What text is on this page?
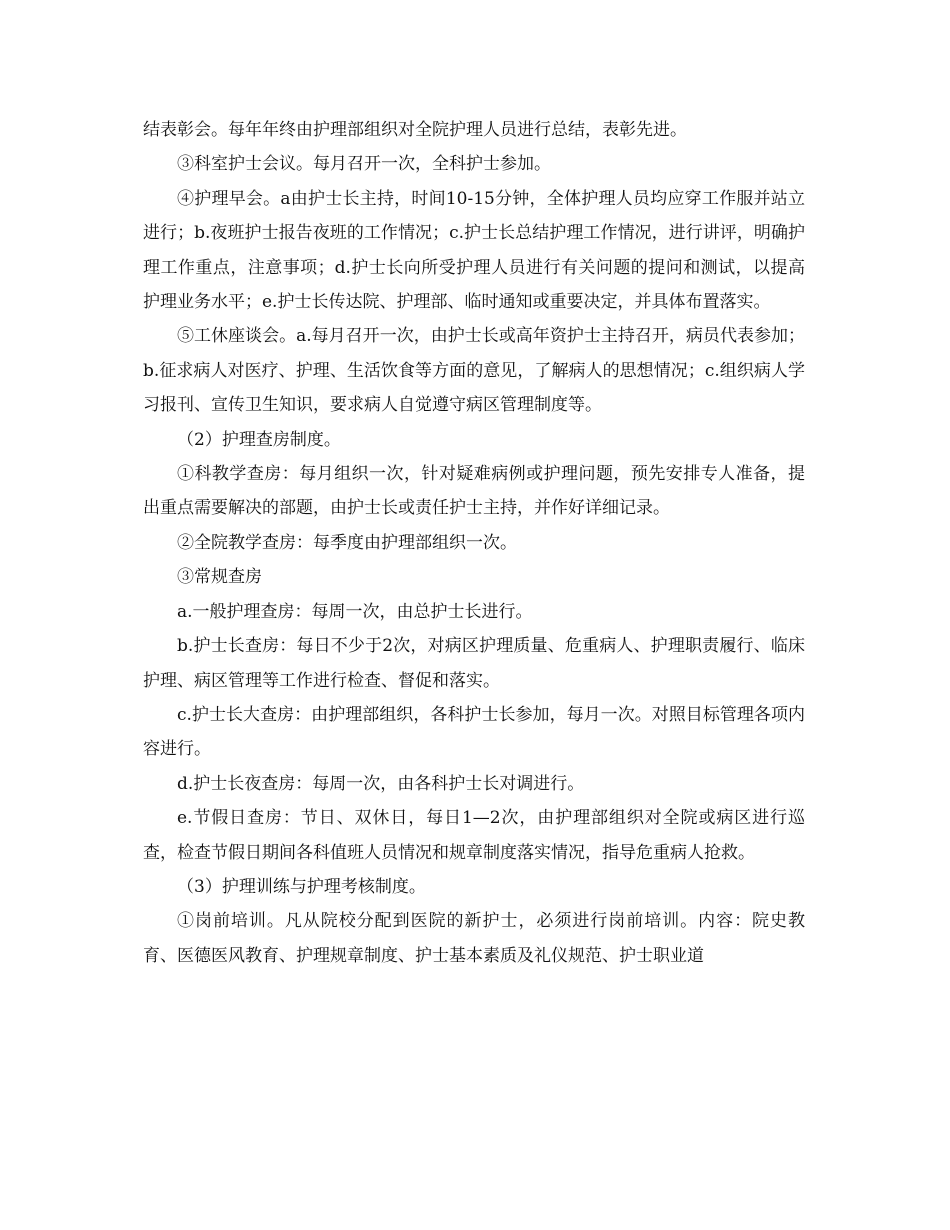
结表彰会。每年年终由护理部组织对全院护理人员进行总结，表彰先进。

③科室护士会议。每月召开一次，全科护士参加。

④护理早会。a由护士长主持，时间10-15分钟，全体护理人员均应穿工作服并站立进行；b.夜班护士报告夜班的工作情况；c.护士长总结护理工作情况，进行讲评，明确护理工作重点，注意事项；d.护士长向所受护理人员进行有关问题的提问和测试，以提高护理业务水平；e.护士长传达院、护理部、临时通知或重要决定，并具体布置落实。

⑤工休座谈会。a.每月召开一次，由护士长或高年资护士主持召开，病员代表参加；b.征求病人对医疗、护理、生活饮食等方面的意见，了解病人的思想情况；c.组织病人学习报刊、宣传卫生知识，要求病人自觉遵守病区管理制度等。

（2）护理查房制度。

①科教学查房：每月组织一次，针对疑难病例或护理问题，预先安排专人准备，提出重点需要解决的部题，由护士长或责任护士主持，并作好详细记录。

②全院教学查房：每季度由护理部组织一次。

③常规查房

a.一般护理查房：每周一次，由总护士长进行。

b.护士长查房：每日不少于2次，对病区护理质量、危重病人、护理职责履行、临床护理、病区管理等工作进行检查、督促和落实。

c.护士长大查房：由护理部组织，各科护士长参加，每月一次。对照目标管理各项内容进行。

d.护士长夜查房：每周一次，由各科护士长对调进行。

e.节假日查房：节日、双休日，每日1—2次，由护理部组织对全院或病区进行巡查，检查节假日期间各科值班人员情况和规章制度落实情况，指导危重病人抢救。

（3）护理训练与护理考核制度。

①岗前培训。凡从院校分配到医院的新护士，必须进行岗前培训。内容：院史教育、医德医风教育、护理规章制度、护士基本素质及礼仪规范、护士职业道
